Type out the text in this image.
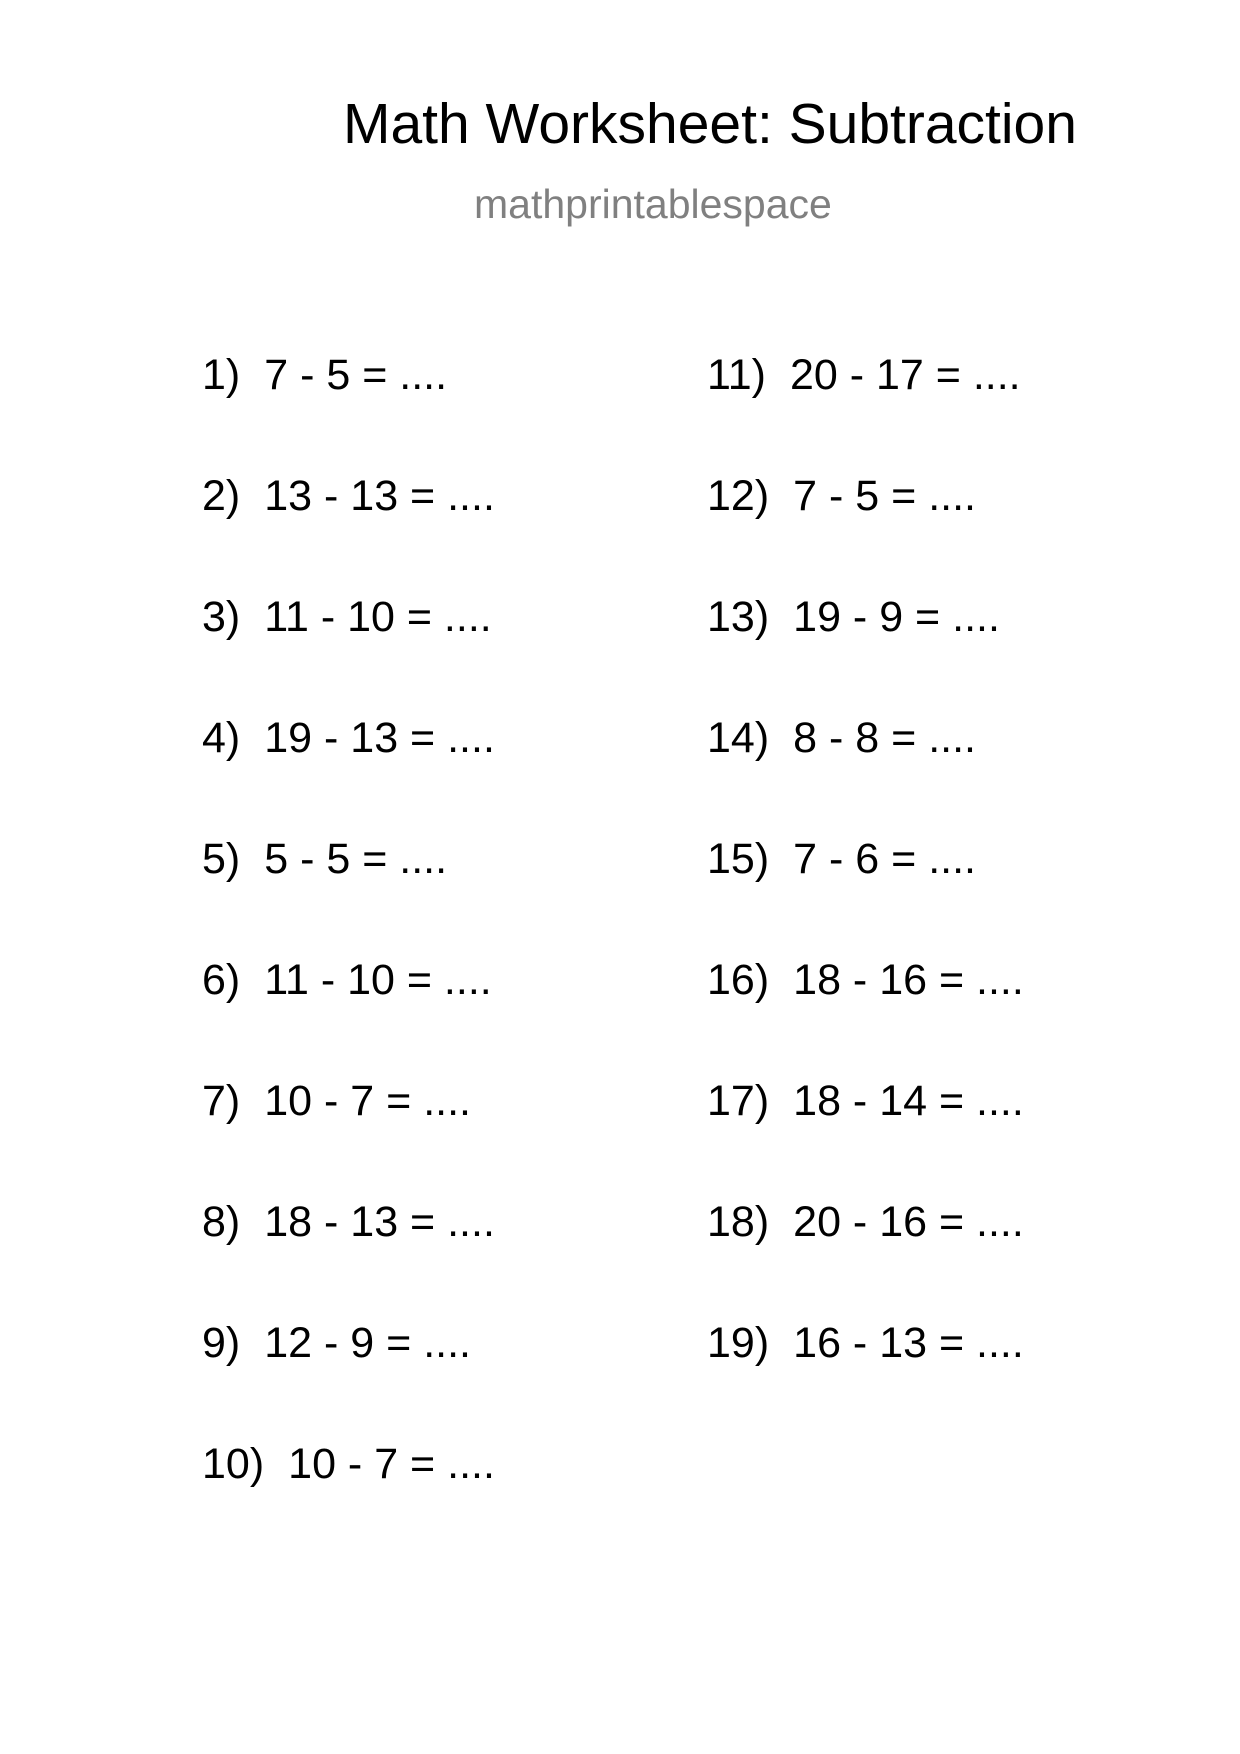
Math Worksheet: Subtraction
mathprintablespace
1) 7 - 5 = ....
2) 13 - 13 = ....
3) 11 - 10 = ....
4) 19 - 13 = ....
5) 5 - 5 = ....
6) 11 - 10 = ....
7) 10 - 7 = ....
8) 18 - 13 = ....
9) 12 - 9 = ....
10) 10 - 7 = ....
11) 20 - 17 = ....
12) 7 - 5 = ....
13) 19 - 9 = ....
14) 8 - 8 = ....
15) 7 - 6 = ....
16) 18 - 16 = ....
17) 18 - 14 = ....
18) 20 - 16 = ....
19) 16 - 13 = ....
